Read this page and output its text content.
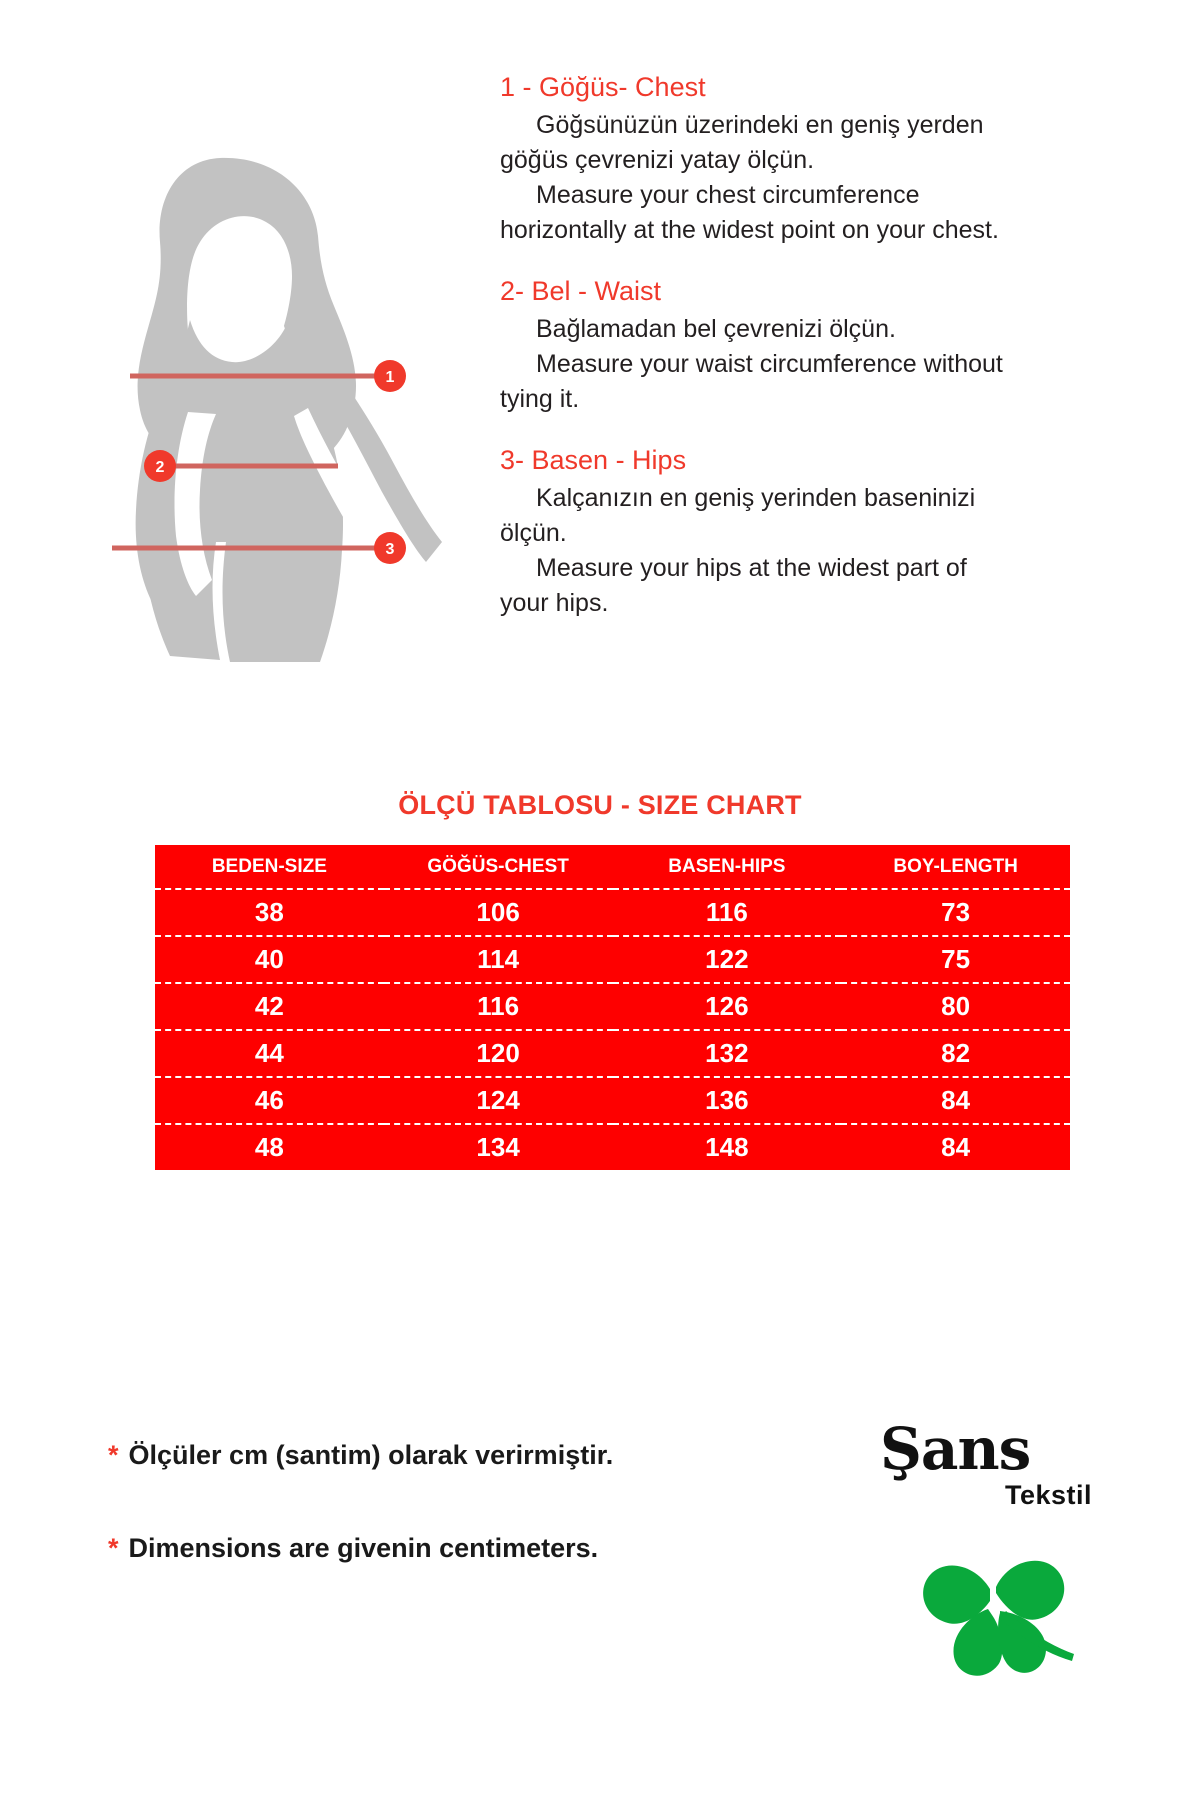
1
2
3
1 - Göğüs- Chest
Göğsünüzün üzerindeki en geniş yerden
göğüs çevrenizi yatay ölçün.
Measure your chest circumference
horizontally at the widest point on your chest.
2- Bel - Waist
Bağlamadan bel çevrenizi ölçün.
Measure your waist circumference without
tying it.
3- Basen - Hips
Kalçanızın en geniş yerinden baseninizi
ölçün.
Measure your hips at the widest part of
your hips.
ÖLÇÜ TABLOSU - SIZE CHART
BEDEN-SIZE	GÖĞÜS-CHEST	BASEN-HIPS	BOY-LENGTH
38	106	116	73
40	114	122	75
42	116	126	80
44	120	132	82
46	124	136	84
48	134	148	84
* Ölçüler cm (santim) olarak verirmiştir.
* Dimensions are givenin centimeters.
Şans
Tekstil
